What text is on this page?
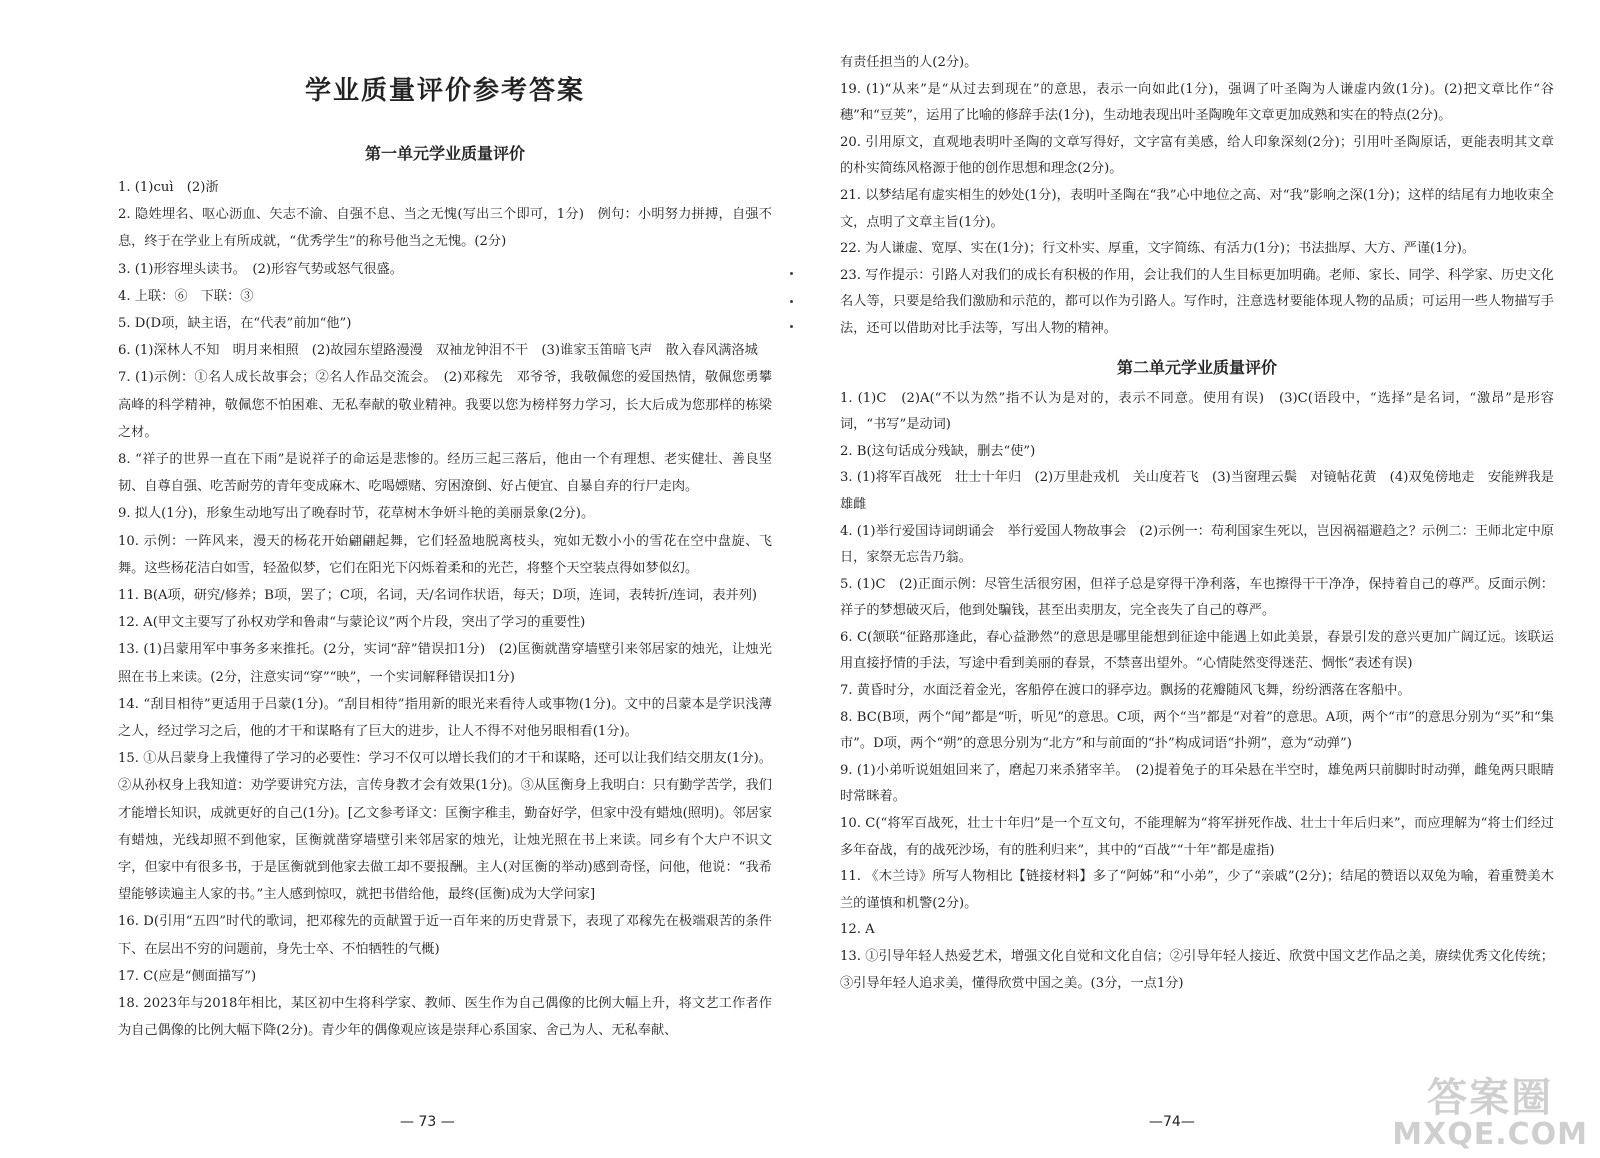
学业质量评价参考答案
第一单元学业质量评价

1. (1)cuì　(2)浙

2. 隐姓埋名、呕心沥血、矢志不渝、自强不息、当之无愧(写出三个即可，1分)　例句：小明努力拼搏，自强不息，终于在学业上有所成就，“优秀学生”的称号他当之无愧。(2分)

3. (1)形容埋头读书。　(2)形容气势或怒气很盛。

4. 上联：⑥　下联：③

5. D(D项，缺主语，在“代表”前加“他”)

6. (1)深林人不知　明月来相照　(2)故园东望路漫漫　双袖龙钟泪不干　(3)谁家玉笛暗飞声　散入春风满洛城

7. (1)示例：①名人成长故事会；②名人作品交流会。　(2)邓稼先　邓爷爷，我敬佩您的爱国热情，敬佩您勇攀高峰的科学精神，敬佩您不怕困难、无私奉献的敬业精神。我要以您为榜样努力学习，长大后成为您那样的栋梁之材。

8. “祥子的世界一直在下雨”是说祥子的命运是悲惨的。经历三起三落后，他由一个有理想、老实健壮、善良坚韧、自尊自强、吃苦耐劳的青年变成麻木、吃喝嫖赌、穷困潦倒、好占便宜、自暴自弃的行尸走肉。

9. 拟人(1分)，形象生动地写出了晚春时节，花草树木争妍斗艳的美丽景象(2分)。

10. 示例：一阵风来，漫天的杨花开始翩翩起舞，它们轻盈地脱离枝头，宛如无数小小的雪花在空中盘旋、飞舞。这些杨花洁白如雪，轻盈似梦，它们在阳光下闪烁着柔和的光芒，将整个天空装点得如梦似幻。

11. B(A项，研究/修养；B项，罢了；C项，名词，天/名词作状语，每天；D项，连词，表转折/连词，表并列)

12. A(甲文主要写了孙权劝学和鲁肃“与蒙论议”两个片段，突出了学习的重要性)

13. (1)吕蒙用军中事务多来推托。(2分，实词“辞”错误扣1分)　(2)匡衡就凿穿墙壁引来邻居家的烛光，让烛光照在书上来读。(2分，注意实词“穿”“映”，一个实词解释错误扣1分)

14. “刮目相待”更适用于吕蒙(1分)。“刮目相待”指用新的眼光来看待人或事物(1分)。文中的吕蒙本是学识浅薄之人，经过学习之后，他的才干和谋略有了巨大的进步，让人不得不对他另眼相看(1分)。

15. ①从吕蒙身上我懂得了学习的必要性：学习不仅可以增长我们的才干和谋略，还可以让我们结交朋友(1分)。②从孙权身上我知道：劝学要讲究方法，言传身教才会有效果(1分)。③从匡衡身上我明白：只有勤学苦学，我们才能增长知识，成就更好的自己(1分)。[乙文参考译文：匡衡字稚圭，勤奋好学，但家中没有蜡烛(照明)。邻居家有蜡烛，光线却照不到他家，匡衡就凿穿墙壁引来邻居家的烛光，让烛光照在书上来读。同乡有个大户不识文字，但家中有很多书，于是匡衡就到他家去做工却不要报酬。主人(对匡衡的举动)感到奇怪，问他，他说：“我希望能够读遍主人家的书。”主人感到惊叹，就把书借给他，最终(匡衡)成为大学问家]

16. D(引用“五四”时代的歌词，把邓稼先的贡献置于近一百年来的历史背景下，表现了邓稼先在极端艰苦的条件下、在层出不穷的问题前，身先士卒、不怕牺牲的气概)

17. C(应是“侧面描写”)

18. 2023年与2018年相比，某区初中生将科学家、教师、医生作为自己偶像的比例大幅上升，将文艺工作者作为自己偶像的比例大幅下降(2分)。青少年的偶像观应该是崇拜心系国家、舍己为人、无私奉献、

— 73 —

有责任担当的人(2分)。

19. (1)“从来”是“从过去到现在”的意思，表示一向如此(1分)，强调了叶圣陶为人谦虚内敛(1分)。(2)把文章比作“谷穗”和“豆荚”，运用了比喻的修辞手法(1分)，生动地表现出叶圣陶晚年文章更加成熟和实在的特点(2分)。

20. 引用原文，直观地表明叶圣陶的文章写得好，文字富有美感，给人印象深刻(2分)；引用叶圣陶原话，更能表明其文章的朴实简练风格源于他的创作思想和理念(2分)。

21. 以梦结尾有虚实相生的妙处(1分)，表明叶圣陶在“我”心中地位之高、对“我”影响之深(1分)；这样的结尾有力地收束全文，点明了文章主旨(1分)。

22. 为人谦虚、宽厚、实在(1分)；行文朴实、厚重，文字简练、有活力(1分)；书法拙厚、大方、严谨(1分)。

23. 写作提示：引路人对我们的成长有积极的作用，会让我们的人生目标更加明确。老师、家长、同学、科学家、历史文化名人等，只要是给我们激励和示范的，都可以作为引路人。写作时，注意选材要能体现人物的品质；可运用一些人物描写手法，还可以借助对比手法等，写出人物的精神。

第二单元学业质量评价

1. (1)C　(2)A(“不以为然”指不认为是对的，表示不同意。使用有误)　(3)C(语段中，“选择”是名词，“激昂”是形容词，“书写”是动词)

2. B(这句话成分残缺，删去“使”)

3. (1)将军百战死　壮士十年归　(2)万里赴戎机　关山度若飞　(3)当窗理云鬓　对镜帖花黄　(4)双兔傍地走　安能辨我是雄雌

4. (1)举行爱国诗词朗诵会　举行爱国人物故事会　(2)示例一：苟利国家生死以，岂因祸福避趋之？示例二：王师北定中原日，家祭无忘告乃翁。

5. (1)C　(2)正面示例：尽管生活很穷困，但祥子总是穿得干净利落，车也擦得干干净净，保持着自己的尊严。反面示例：祥子的梦想破灭后，他到处騙钱，甚至出卖朋友，完全丧失了自己的尊严。

6. C(颔联“征路那逢此，春心益渺然”的意思是哪里能想到征途中能遇上如此美景，春景引发的意兴更加广阔辽远。该联运用直接抒情的手法，写途中看到美丽的春景，不禁喜出望外。“心情陡然变得迷茫、惆怅”表述有误)

7. 黄昏时分，水面泛着金光，客船停在渡口的驿亭边。飘扬的花瓣随风飞舞，纷纷洒落在客船中。

8. BC(B项，两个“闻”都是“听，听见”的意思。C项，两个“当”都是“对着”的意思。A项，两个“市”的意思分别为“买”和“集市”。D项，两个“朔”的意思分别为“北方”和与前面的“扑”构成词语“扑朔”，意为“动弹”)

9. (1)小弟听说姐姐回来了，磨起刀来杀猪宰羊。　(2)提着兔子的耳朵悬在半空时，雄兔两只前脚时时动弹，雌兔两只眼睛时常眯着。

10. C(“将军百战死，壮士十年归”是一个互文句，不能理解为“将军拼死作战、壮士十年后归来”，而应理解为“将士们经过多年奋战，有的战死沙场，有的胜利归来”，其中的“百战”“十年”都是虚指)

11. 《木兰诗》所写人物相比【链接材料】多了“阿姊”和“小弟”，少了“亲戚”(2分)；结尾的赞语以双兔为喻，着重赞美木兰的谨慎和机警(2分)。

12. A

13. ①引导年轻人热爱艺术，增强文化自觉和文化自信；②引导年轻人接近、欣赏中国文艺作品之美，赓续优秀文化传统；③引导年轻人追求美，懂得欣赏中国之美。(3分，一点1分)

—74—
答案圈
MXQE.COM
